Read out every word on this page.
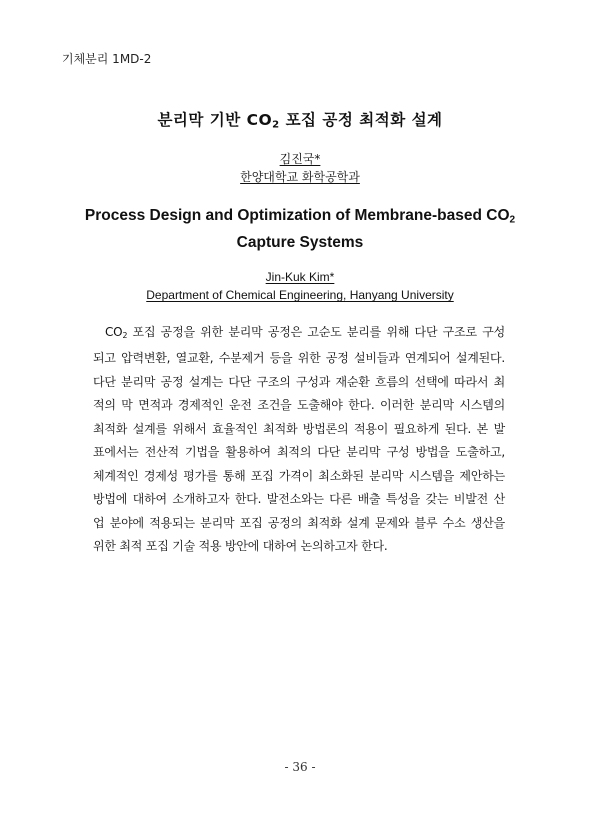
기체분리 1MD-2
분리막 기반 $CO_2$ 포집 공정 최적화 설계
김진국*
한양대학교 화학공학과
Process Design and Optimization of Membrane-based $CO_2$
Capture Systems
Jin-Kuk Kim*
Department of Chemical Engineering, Hanyang University
$CO_2$ 포집 공정을 위한 분리막 공정은 고순도 분리를 위해 다단 구조로 구성
되고 압력변환, 열교환, 수분제거 등을 위한 공정 설비들과 연계되어 설계된다.
다단 분리막 공정 설계는 다단 구조의 구성과 재순환 흐름의 선택에 따라서 최
적의 막 면적과 경제적인 운전 조건을 도출해야 한다. 이러한 분리막 시스템의
최적화 설계를 위해서 효율적인 최적화 방법론의 적용이 필요하게 된다. 본 발
표에서는 전산적 기법을 활용하여 최적의 다단 분리막 구성 방법을 도출하고,
체계적인 경제성 평가를 통해 포집 가격이 최소화된 분리막 시스템을 제안하는
방법에 대하여 소개하고자 한다. 발전소와는 다른 배출 특성을 갖는 비발전 산
업 분야에 적용되는 분리막 포집 공정의 최적화 설계 문제와 블루 수소 생산을
위한 최적 포집 기술 적용 방안에 대하여 논의하고자 한다.
- 36 -
